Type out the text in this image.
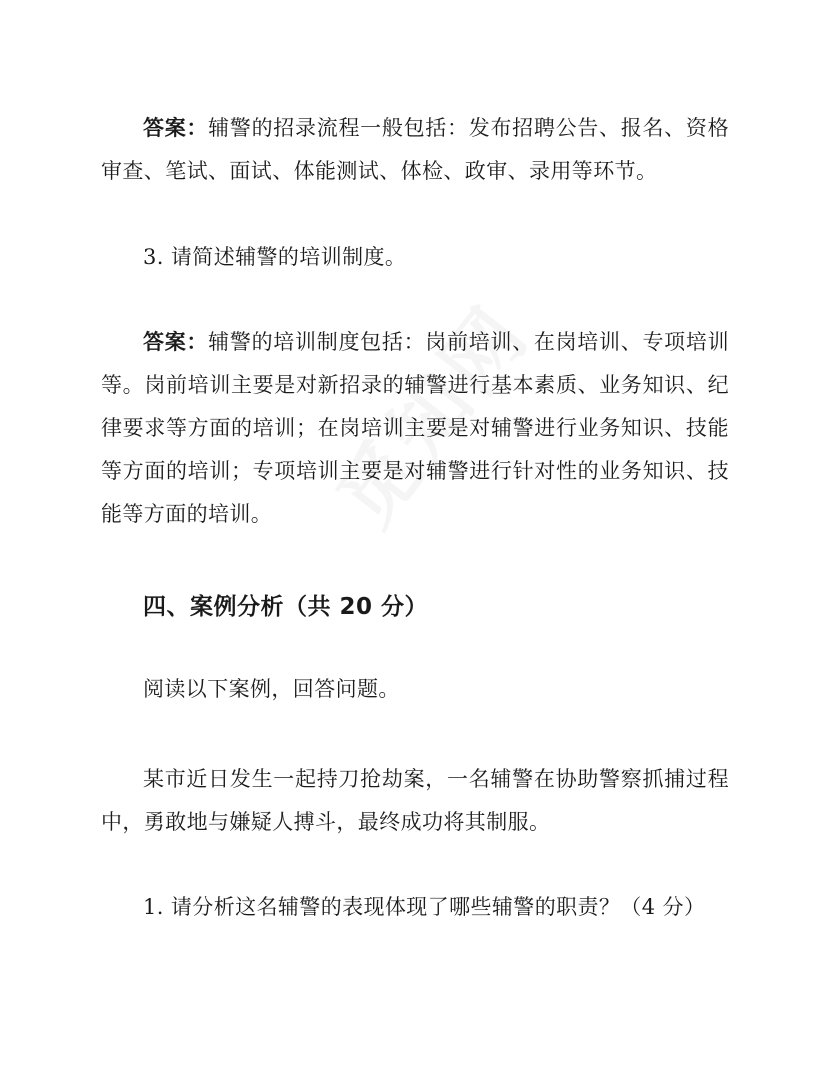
答案：辅警的招录流程一般包括：发布招聘公告、报名、资格审查、笔试、面试、体能测试、体检、政审、录用等环节。

3. 请简述辅警的培训制度。

答案：辅警的培训制度包括：岗前培训、在岗培训、专项培训等。岗前培训主要是对新招录的辅警进行基本素质、业务知识、纪律要求等方面的培训；在岗培训主要是对辅警进行业务知识、技能等方面的培训；专项培训主要是对辅警进行针对性的业务知识、技能等方面的培训。

四、案例分析（共 20 分）

阅读以下案例，回答问题。

某市近日发生一起持刀抢劫案，一名辅警在协助警察抓捕过程中，勇敢地与嫌疑人搏斗，最终成功将其制服。

1. 请分析这名辅警的表现体现了哪些辅警的职责？（4 分）
